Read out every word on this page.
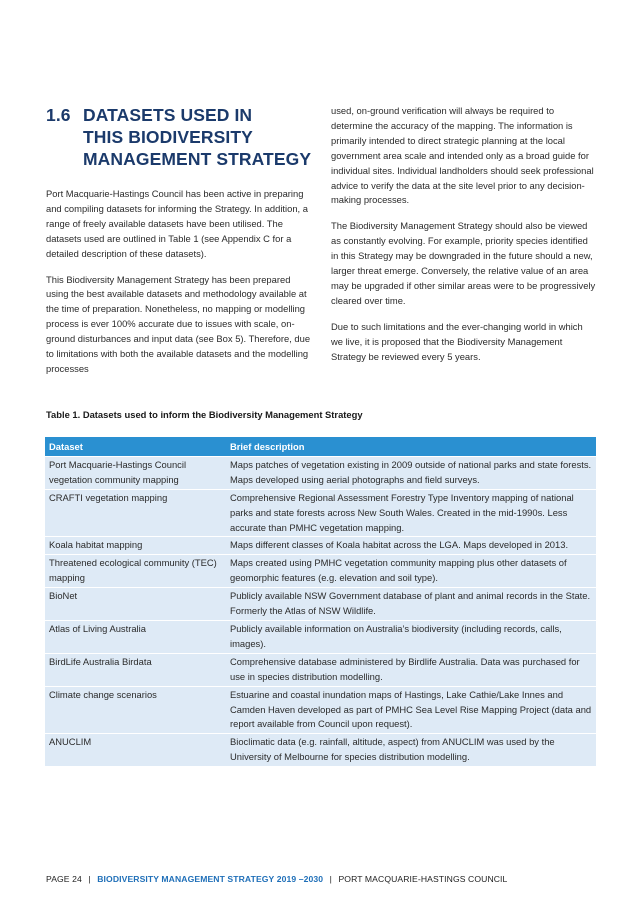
1.6 DATASETS USED IN
THIS BIODIVERSITY
MANAGEMENT STRATEGY

Port Macquarie-Hastings Council has been active in preparing and compiling datasets for informing the Strategy. In addition, a range of freely available datasets have been utilised. The datasets used are outlined in Table 1 (see Appendix C for a detailed description of these datasets).

This Biodiversity Management Strategy has been prepared using the best available datasets and methodology available at the time of preparation. Nonetheless, no mapping or modelling process is ever 100% accurate due to issues with scale, on-ground disturbances and input data (see Box 5). Therefore, due to limitations with both the available datasets and the modelling processes

used, on-ground verification will always be required to determine the accuracy of the mapping. The information is primarily intended to direct strategic planning at the local government area scale and intended only as a broad guide for individual sites. Individual landholders should seek professional advice to verify the data at the site level prior to any decision-making processes.

The Biodiversity Management Strategy should also be viewed as constantly evolving. For example, priority species identified in this Strategy may be downgraded in the future should a new, larger threat emerge. Conversely, the relative value of an area may be upgraded if other similar areas were to be progressively cleared over time.

Due to such limitations and the ever-changing world in which we live, it is proposed that the Biodiversity Management Strategy be reviewed every 5 years.

Table 1. Datasets used to inform the Biodiversity Management Strategy
Dataset	Brief description
Port Macquarie-Hastings Council vegetation community mapping	Maps patches of vegetation existing in 2009 outside of national parks and state forests. Maps developed using aerial photographs and field surveys.
CRAFTI vegetation mapping	Comprehensive Regional Assessment Forestry Type Inventory mapping of national parks and state forests across New South Wales. Created in the mid-1990s. Less accurate than PMHC vegetation mapping.
Koala habitat mapping	Maps different classes of Koala habitat across the LGA. Maps developed in 2013.
Threatened ecological community (TEC) mapping	Maps created using PMHC vegetation community mapping plus other datasets of geomorphic features (e.g. elevation and soil type).
BioNet	Publicly available NSW Government database of plant and animal records in the State. Formerly the Atlas of NSW Wildlife.
Atlas of Living Australia	Publicly available information on Australia’s biodiversity (including records, calls, images).
BirdLife Australia Birdata	Comprehensive database administered by Birdlife Australia. Data was purchased for use in species distribution modelling.
Climate change scenarios	Estuarine and coastal inundation maps of Hastings, Lake Cathie/Lake Innes and Camden Haven developed as part of PMHC Sea Level Rise Mapping Project (data and report available from Council upon request).
ANUCLIM	Bioclimatic data (e.g. rainfall, altitude, aspect) from ANUCLIM was used by the University of Melbourne for species distribution modelling.
PAGE 24 | BIODIVERSITY MANAGEMENT STRATEGY 2019 –2030 | PORT MACQUARIE-HASTINGS COUNCIL
